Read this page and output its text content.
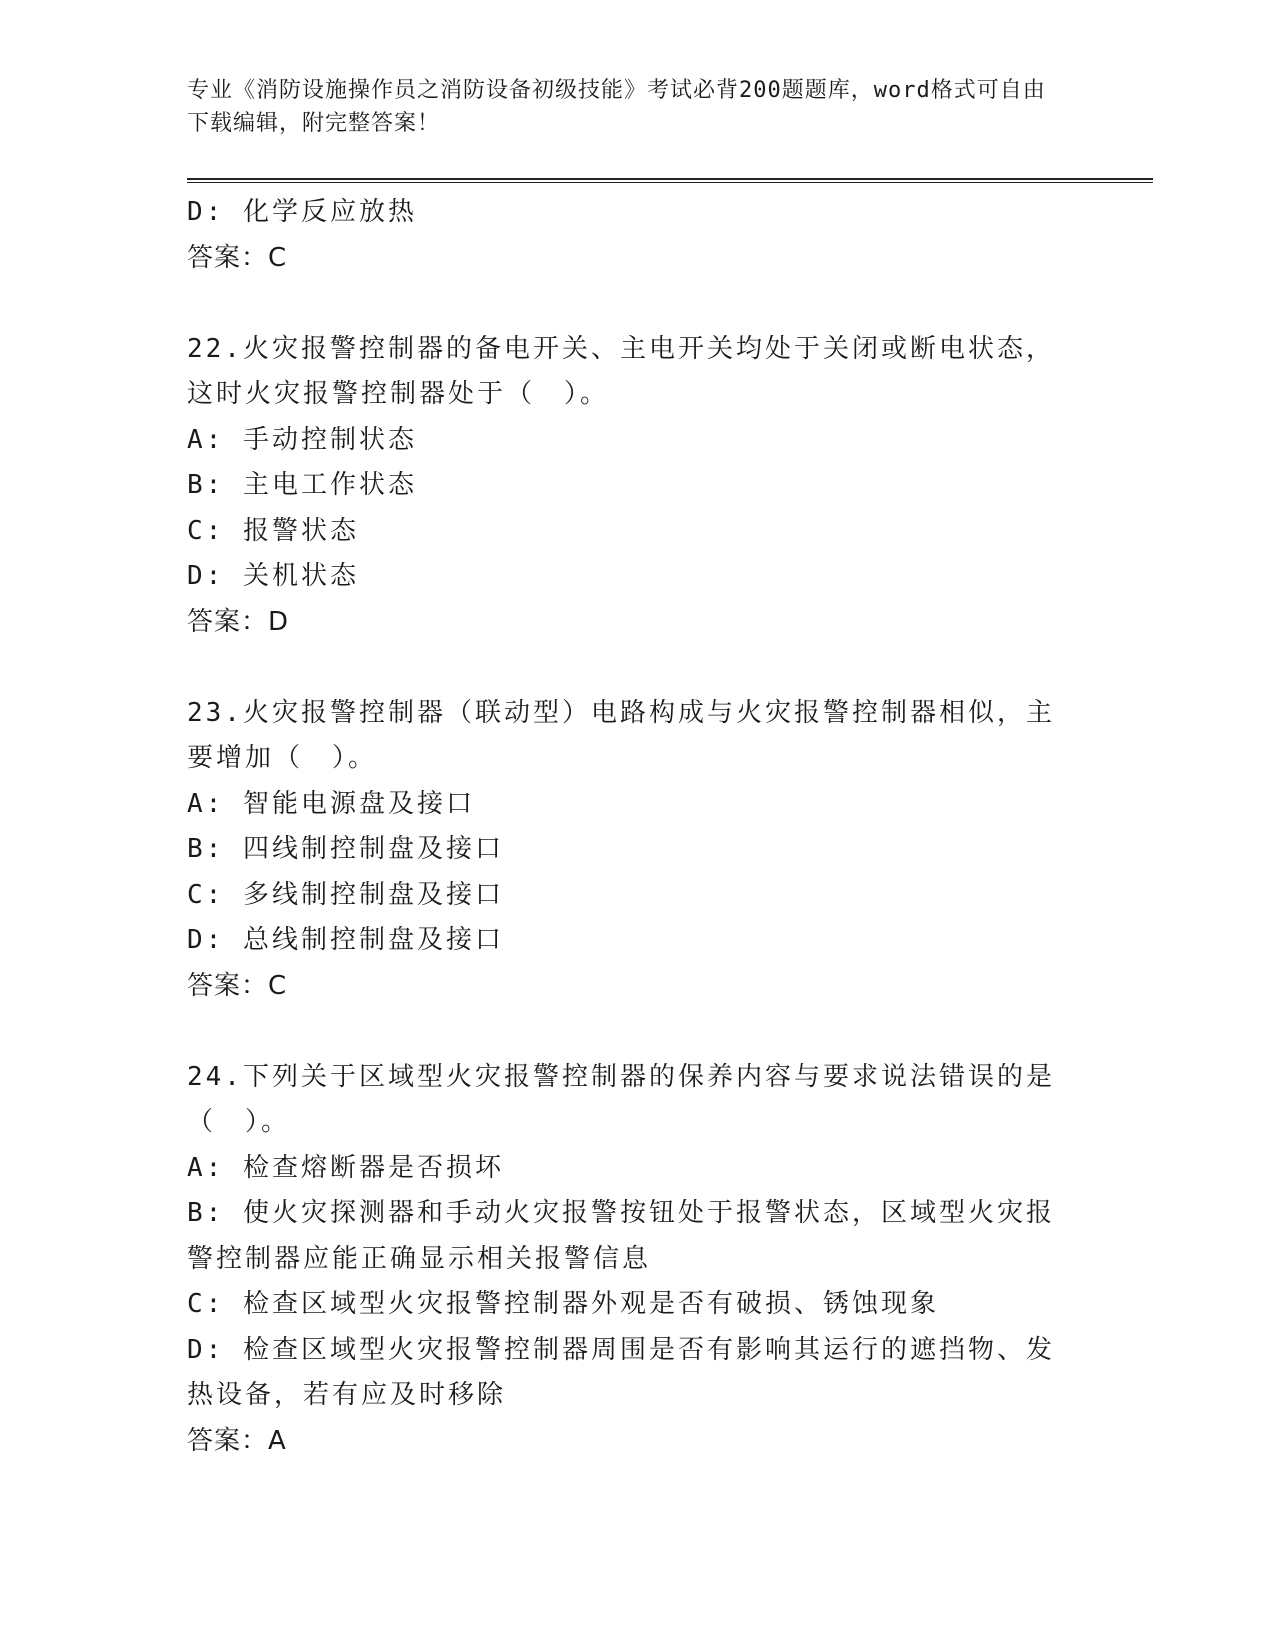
专业《消防设施操作员之消防设备初级技能》考试必背200题题库，word格式可自由下载编辑，附完整答案！
D: 化学反应放热
答案：C
22.火灾报警控制器的备电开关、主电开关均处于关闭或断电状态，这时火灾报警控制器处于（　）。
A: 手动控制状态
B: 主电工作状态
C: 报警状态
D: 关机状态
答案：D
23.火灾报警控制器（联动型）电路构成与火灾报警控制器相似，主要增加（　）。
A: 智能电源盘及接口
B: 四线制控制盘及接口
C: 多线制控制盘及接口
D: 总线制控制盘及接口
答案：C
24.下列关于区域型火灾报警控制器的保养内容与要求说法错误的是（　）。
A: 检查熔断器是否损坏
B: 使火灾探测器和手动火灾报警按钮处于报警状态，区域型火灾报警控制器应能正确显示相关报警信息
C: 检查区域型火灾报警控制器外观是否有破损、锈蚀现象
D: 检查区域型火灾报警控制器周围是否有影响其运行的遮挡物、发热设备，若有应及时移除
答案：A
